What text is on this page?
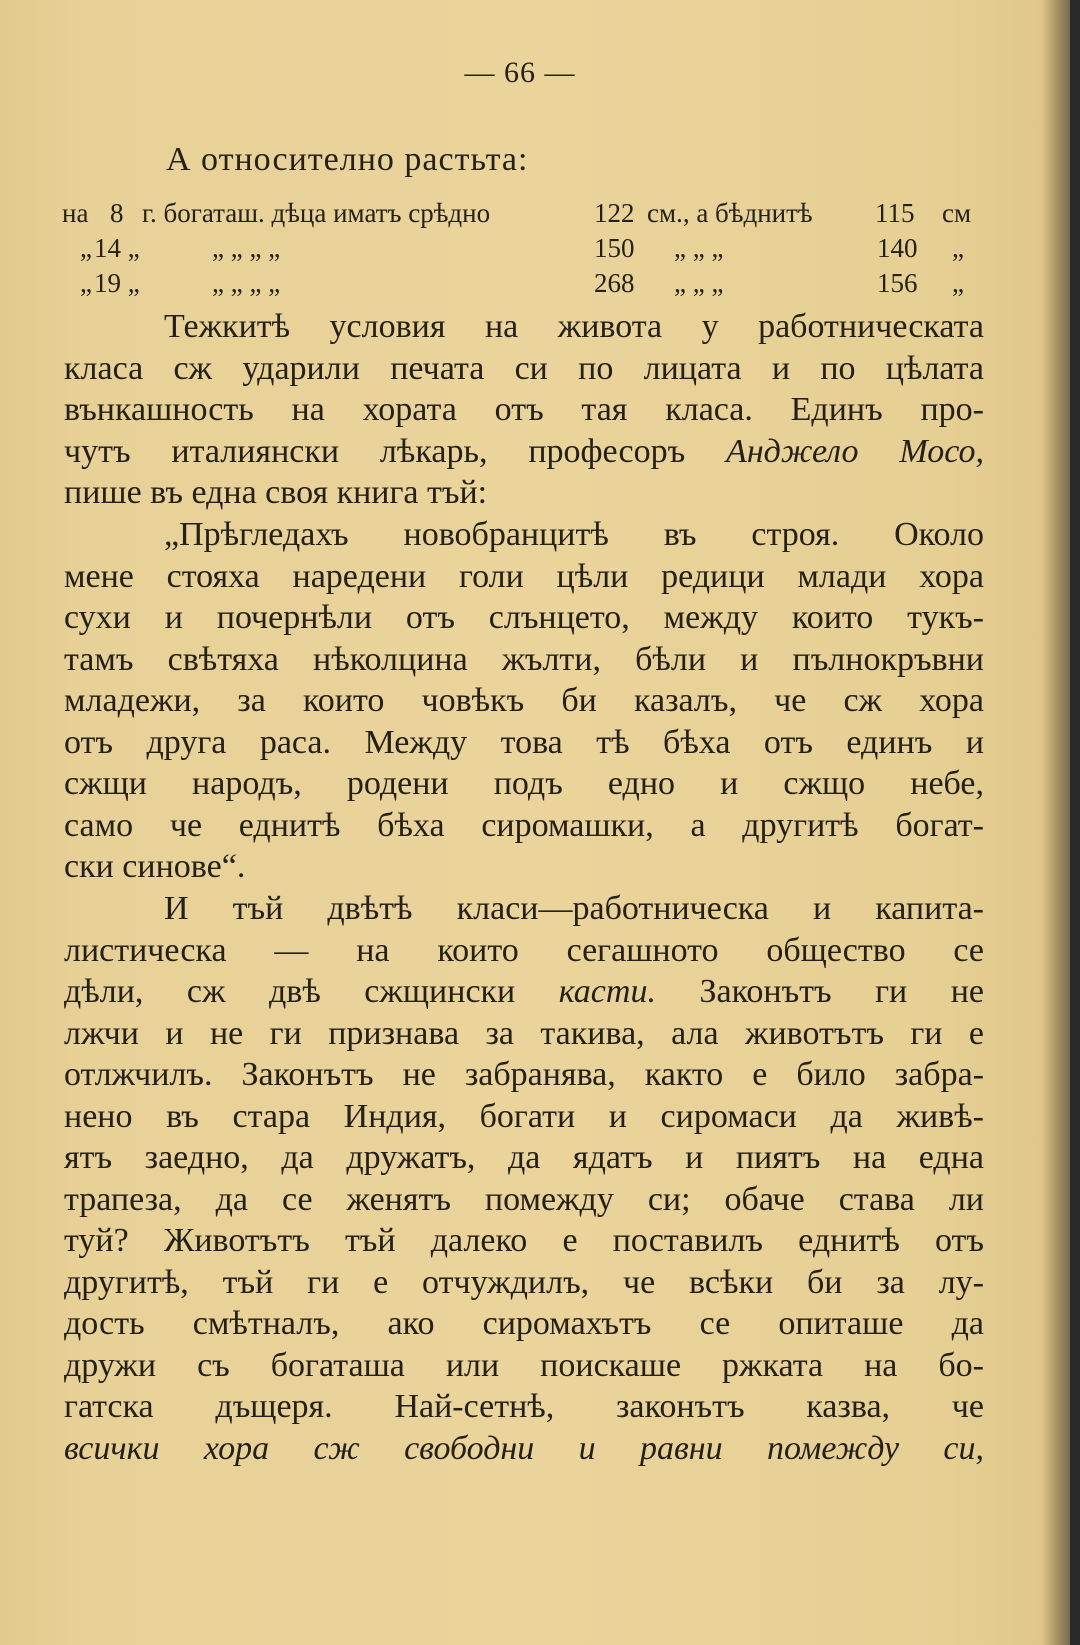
— 66 —
А относително растьта:
на 8 г. богаташ. дѣца иматъ срѣдно	122 см., а бѣднитѣ 115 см
„ 14 „	„ „ „ „	150 „ „ „	140 „
„ 19 „	„ „ „ „	268 „ „ „	156 „
Тежкитѣ условия на живота у работническата
класа сж ударили печата си по лицата и по цѣлата
вънкашность на хората отъ тая класа. Единъ про-
чутъ италиянски лѣкарь, професоръ Анджело Мосо,
пише въ една своя книга тъй:
„Прѣгледахъ новобранцитѣ въ строя. Около
мене стояха наредени голи цѣли редици млади хора
сухи и почернѣли отъ слънцето, между които тукъ-
тамъ свѣтяха нѣколцина жълти, бѣли и пълнокръвни
младежи, за които човѣкъ би казалъ, че сж хора
отъ друга раса. Между това тѣ бѣха отъ единъ и
сжщи народъ, родени подъ едно и сжщо небе,
само че еднитѣ бѣха сиромашки, а другитѣ богат-
ски синове“.
И тъй двѣтѣ класи—работническа и капита-
листическа — на които сегашното общество се
дѣли, сж двѣ сжщински касти. Законътъ ги не
лжчи и не ги признава за такива, ала животътъ ги е
отлжчилъ. Законътъ не забранява, както е било забра-
нено въ стара Индия, богати и сиромаси да живѣ-
ятъ заедно, да дружатъ, да ядатъ и пиятъ на една
трапеза, да се женятъ помежду си; обаче става ли
туй? Животътъ тъй далеко е поставилъ еднитѣ отъ
другитѣ, тъй ги е отчуждилъ, че всѣки би за лу-
дость смѣтналъ, ако сиромахътъ се опиташе да
дружи съ богаташа или поискаше ржката на бо-
гатска дъщеря. Най-сетнѣ, законътъ казва, че
всички хора сж свободни и равни помежду си,
